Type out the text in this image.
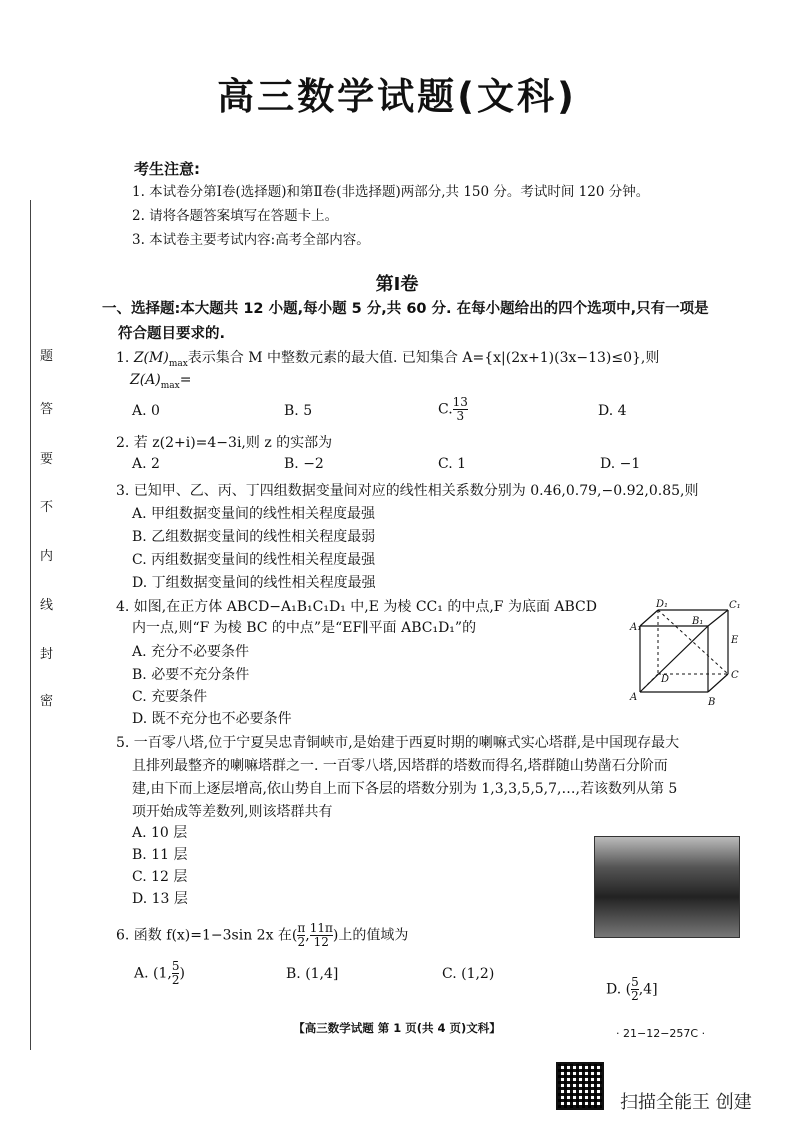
题
答
要
不
内
线
封
密
高三数学试题(文科)
考生注意:
1. 本试卷分第Ⅰ卷(选择题)和第Ⅱ卷(非选择题)两部分,共 150 分。考试时间 120 分钟。
2. 请将各题答案填写在答题卡上。
3. 本试卷主要考试内容:高考全部内容。
第Ⅰ卷
一、选择题:本大题共 12 小题,每小题 5 分,共 60 分. 在每小题给出的四个选项中,只有一项是
符合题目要求的.
1. $Z(M)_{max}$表示集合 M 中整数元素的最大值. 已知集合 A={x|(2x+1)(3x−13)≤0},则
$Z(A)_{max}=$
A. 0	B. 5	C. $\frac{13}{3}$	D. 4
2. 若 z(2+i)=4−3i,则 z 的实部为
A. 2	B. −2	C. 1	D. −1
3. 已知甲、乙、丙、丁四组数据变量间对应的线性相关系数分别为 0.46,0.79,−0.92,0.85,则
A. 甲组数据变量间的线性相关程度最强
B. 乙组数据变量间的线性相关程度最弱
C. 丙组数据变量间的线性相关程度最强
D. 丁组数据变量间的线性相关程度最强
4. 如图,在正方体 ABCD−A₁B₁C₁D₁ 中,E 为棱 CC₁ 的中点,F 为底面 ABCD
内一点,则“F 为棱 BC 的中点”是“EF∥平面 ABC₁D₁”的
A. 充分不必要条件
B. 必要不充分条件
C. 充要条件
D. 既不充分也不必要条件
D₁	C₁
A₁
B₁
E
D	C
A	B
5. 一百零八塔,位于宁夏吴忠青铜峡市,是始建于西夏时期的喇嘛式实心塔群,是中国现存最大
且排列最整齐的喇嘛塔群之一. 一百零八塔,因塔群的塔数而得名,塔群随山势凿石分阶而
建,由下而上逐层增高,依山势自上而下各层的塔数分别为 1,3,3,5,5,7,…,若该数列从第 5
项开始成等差数列,则该塔群共有
A. 10 层
B. 11 层
C. 12 层
D. 13 层
6. 函数 f(x)=1−3sin 2x 在( $\frac{\pi}{2}$ , $\frac{11\pi}{12}$ )上的值域为
A. (1, $\frac{5}{2}$ )	B. (1,4]	C. (1,2)
D. ( $\frac{5}{2} ,4$]
【高三数学试题 第 1 页(共 4 页)文科】	· 21−12−257C ·
扫描全能王 创建
